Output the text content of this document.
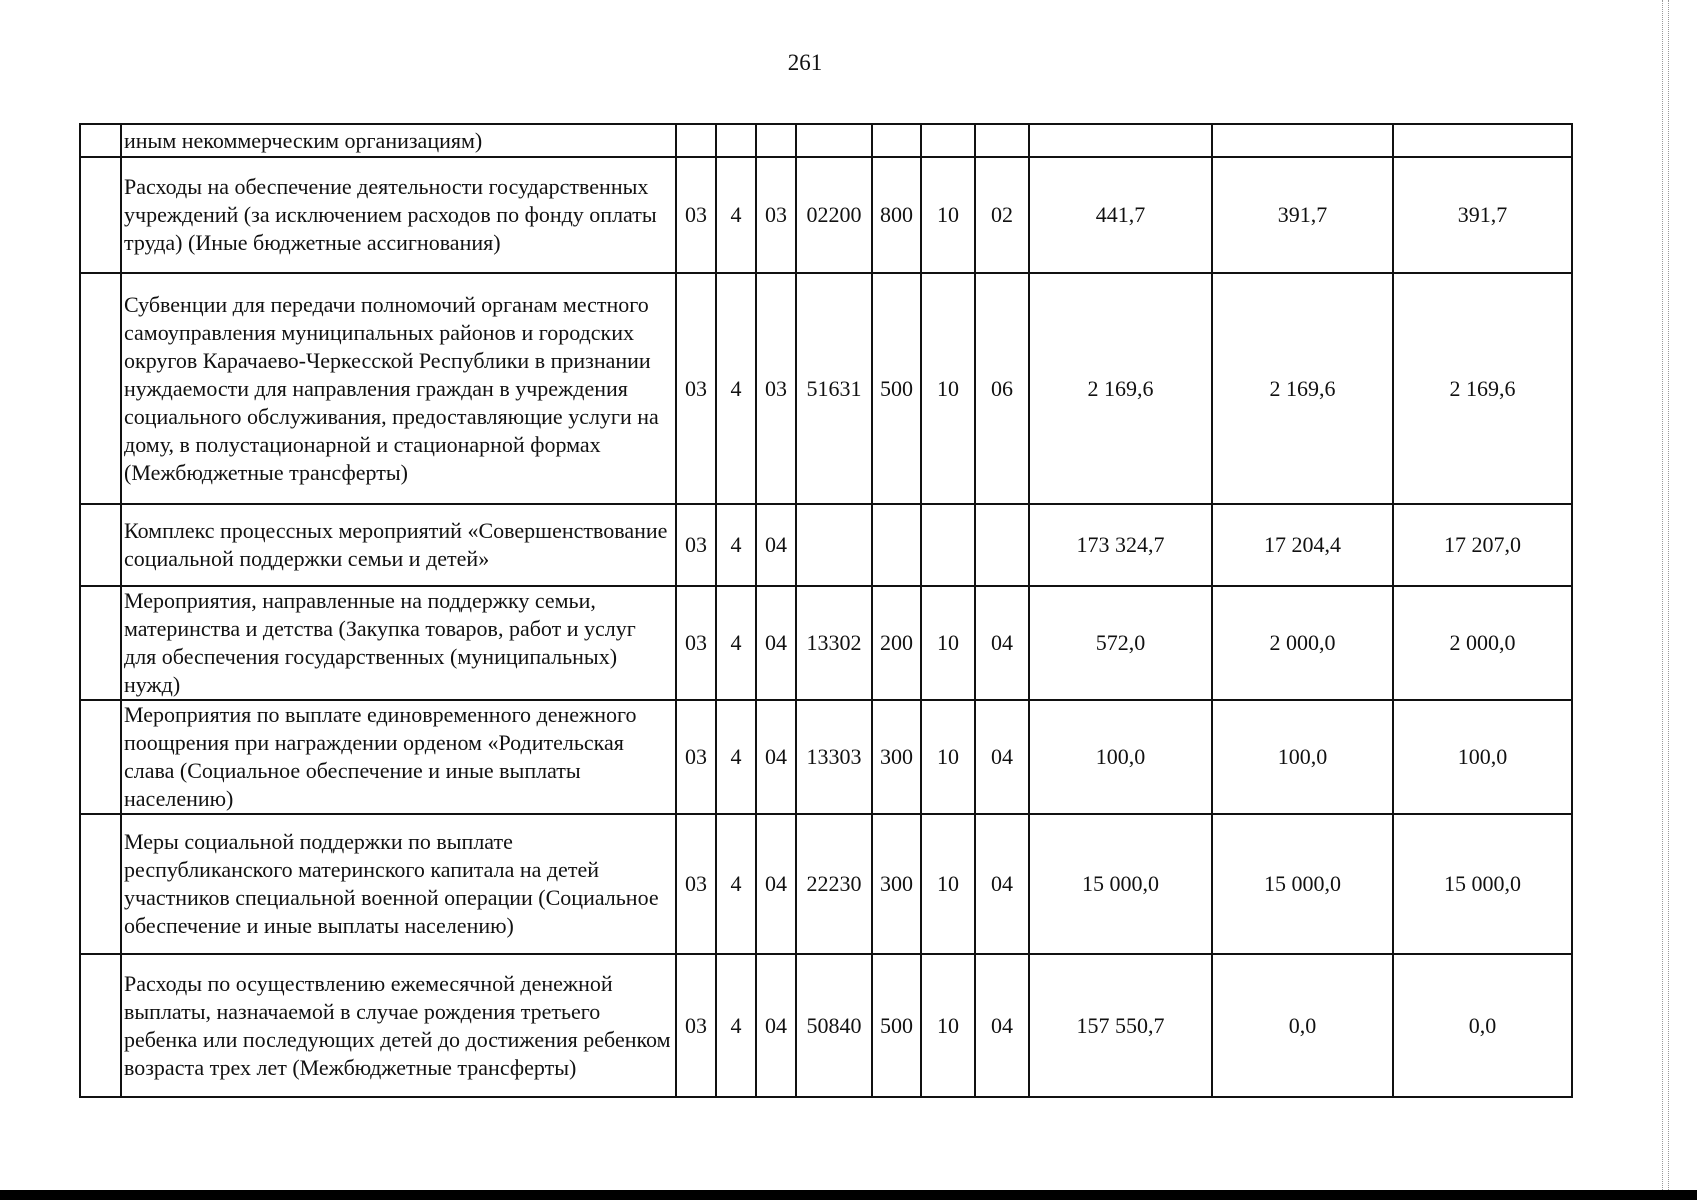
261
	иным некоммерческим организациям)										
	Расходы на обеспечение деятельности государственных учреждений (за исключением расходов по фонду оплаты труда) (Иные бюджетные ассигнования)	03	4	03	02200	800	10	02	441,7	391,7	391,7
	Субвенции для передачи полномочий органам местного самоуправления муниципальных районов и городских округов Карачаево-Черкесской Республики в признании нуждаемости для направления граждан в учреждения социального обслуживания, предоставляющие услуги на дому, в полустационарной и стационарной формах (Межбюджетные трансферты)	03	4	03	51631	500	10	06	2 169,6	2 169,6	2 169,6
	Комплекс процессных мероприятий «Совершенствование социальной поддержки семьи и детей»	03	4	04					173 324,7	17 204,4	17 207,0
	Мероприятия, направленные на поддержку семьи, материнства и детства (Закупка товаров, работ и услуг для обеспечения государственных (муниципальных) нужд)	03	4	04	13302	200	10	04	572,0	2 000,0	2 000,0
	Мероприятия по выплате единовременного денежного поощрения при награждении орденом «Родительская слава (Социальное обеспечение и иные выплаты населению)	03	4	04	13303	300	10	04	100,0	100,0	100,0
	Меры социальной поддержки по выплате республиканского материнского капитала на детей участников специальной военной операции (Социальное обеспечение и иные выплаты населению)	03	4	04	22230	300	10	04	15 000,0	15 000,0	15 000,0
	Расходы по осуществлению ежемесячной денежной выплаты, назначаемой в случае рождения третьего ребенка или последующих детей до достижения ребенком возраста трех лет (Межбюджетные трансферты)	03	4	04	50840	500	10	04	157 550,7	0,0	0,0
